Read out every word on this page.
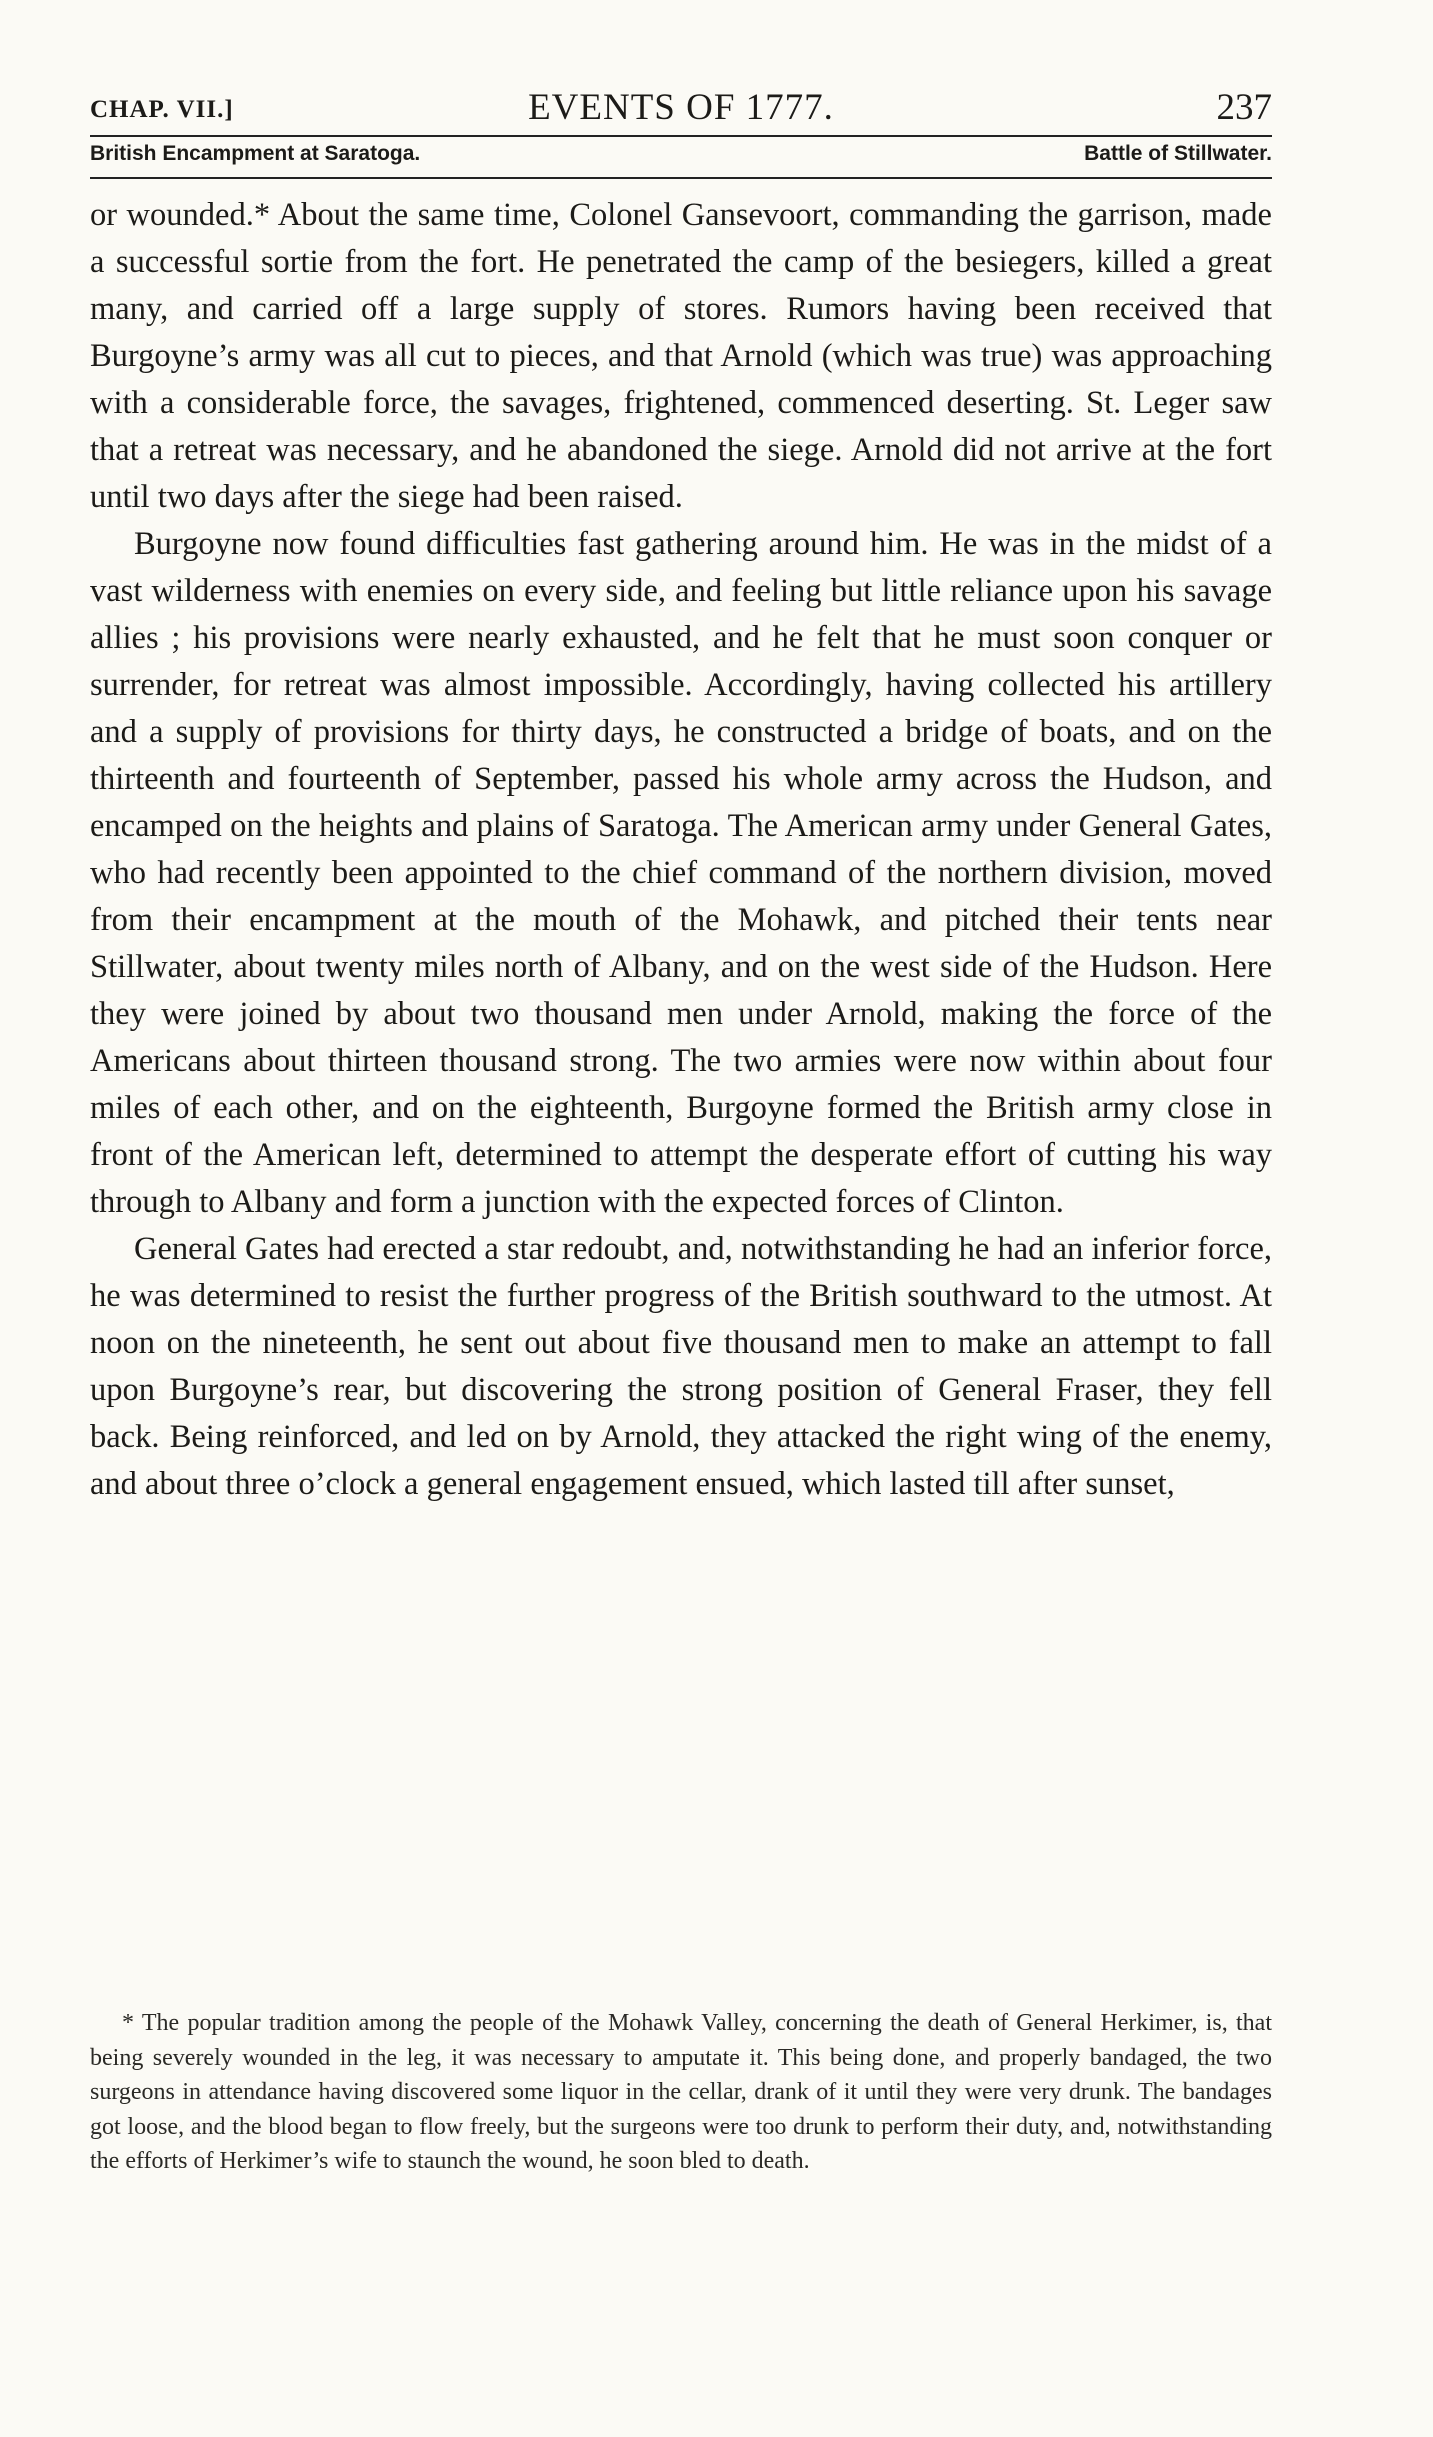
CHAP. VII.]	EVENTS OF 1777.	237
British Encampment at Saratoga.	Battle of Stillwater.

or wounded.* About the same time, Colonel Gansevoort, commanding the garrison, made a successful sortie from the fort. He penetrated the camp of the besiegers, killed a great many, and carried off a large supply of stores. Rumors having been received that Burgoyne’s army was all cut to pieces, and that Arnold (which was true) was approaching with a considerable force, the savages, frightened, commenced deserting. St. Leger saw that a retreat was necessary, and he abandoned the siege. Arnold did not arrive at the fort until two days after the siege had been raised.

Burgoyne now found difficulties fast gathering around him. He was in the midst of a vast wilderness with enemies on every side, and feeling but little reliance upon his savage allies ; his provisions were nearly exhausted, and he felt that he must soon conquer or surrender, for retreat was almost impossible. Accordingly, having collected his artillery and a supply of provisions for thirty days, he constructed a bridge of boats, and on the thirteenth and fourteenth of September, passed his whole army across the Hudson, and encamped on the heights and plains of Saratoga. The American army under General Gates, who had recently been appointed to the chief command of the northern division, moved from their encampment at the mouth of the Mohawk, and pitched their tents near Stillwater, about twenty miles north of Albany, and on the west side of the Hudson. Here they were joined by about two thousand men under Arnold, making the force of the Americans about thirteen thousand strong. The two armies were now within about four miles of each other, and on the eighteenth, Burgoyne formed the British army close in front of the American left, determined to attempt the desperate effort of cutting his way through to Albany and form a junction with the expected forces of Clinton.

General Gates had erected a star redoubt, and, notwithstanding he had an inferior force, he was determined to resist the further progress of the British southward to the utmost. At noon on the nineteenth, he sent out about five thousand men to make an attempt to fall upon Burgoyne’s rear, but discovering the strong position of General Fraser, they fell back. Being reinforced, and led on by Arnold, they attacked the right wing of the enemy, and about three o’clock a general engagement ensued, which lasted till after sunset,

* The popular tradition among the people of the Mohawk Valley, concerning the death of General Herkimer, is, that being severely wounded in the leg, it was necessary to amputate it. This being done, and properly bandaged, the two surgeons in attendance having discovered some liquor in the cellar, drank of it until they were very drunk. The bandages got loose, and the blood began to flow freely, but the surgeons were too drunk to perform their duty, and, notwithstanding the efforts of Herkimer’s wife to staunch the wound, he soon bled to death.
